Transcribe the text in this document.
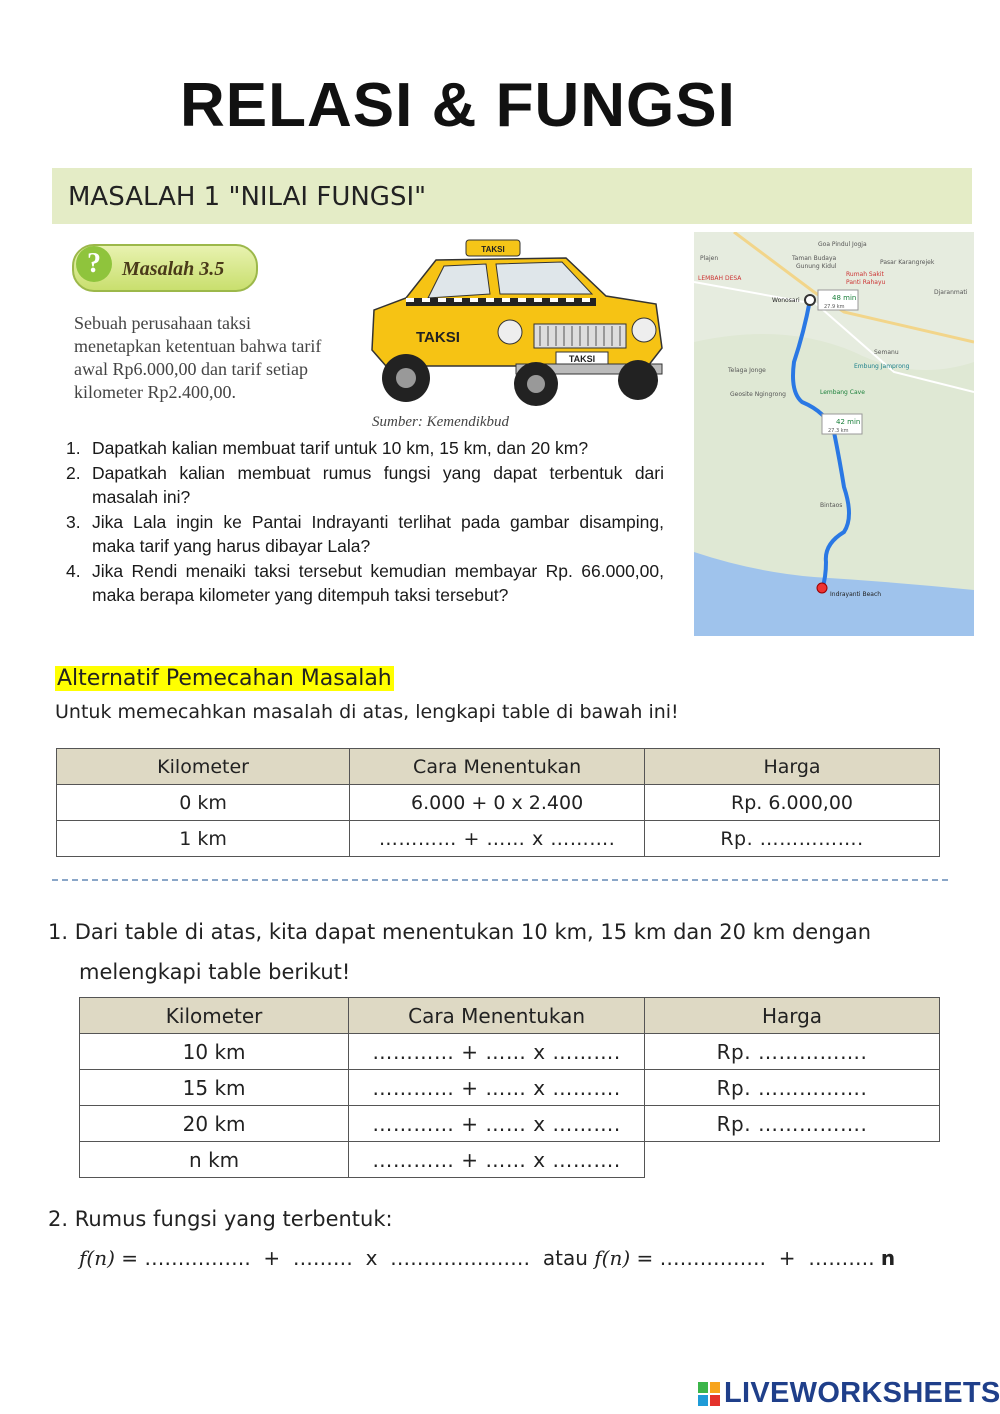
RELASI & FUNGSI
MASALAH 1 "NILAI FUNGSI"
?	Masalah 3.5
Sebuah perusahaan taksi
menetapkan ketentuan bahwa tarif
awal Rp6.000,00 dan tarif setiap
kilometer Rp2.400,00.
TAKSI
TAKSI
TAKSI
Sumber: Kemendikbud
1. Dapatkah kalian membuat tarif untuk 10 km, 15 km, dan 20 km?
2. Dapatkah kalian membuat rumus fungsi yang dapat terbentuk dari masalah ini?
3. Jika Lala ingin ke Pantai Indrayanti terlihat pada gambar disamping, maka tarif yang harus dibayar Lala?
4. Jika Rendi menaiki taksi tersebut kemudian membayar Rp. 66.000,00, maka berapa kilometer yang ditempuh taksi tersebut?
48 min
27.9 km
42 min
27.3 km
Goa Pindul Jogja
Taman Budaya
Gunung Kidul
Rumah Sakit
Panti Rahayu
Pasar Karangrejek
Plajen
LEMBAH DESA
Wonosari
Djaranmati
Semanu
Embung Jamprong
Telaga Jonge
Geosite Ngingrong	Lembang Cave
Bintaos
Indrayanti Beach
Alternatif Pemecahan Masalah
Untuk memecahkan masalah di atas, lengkapi table di bawah ini!
Kilometer	Cara Menentukan	Harga
0 km	6.000 + 0 x 2.400	Rp. 6.000,00
1 km	………… + …… x ……….	Rp. …………….
1. Dari table di atas, kita dapat menentukan 10 km, 15 km dan 20 km dengan
melengkapi table berikut!
Kilometer	Cara Menentukan	Harga
10 km	………… + …… x ……….	Rp. …………….
15 km	………… + …… x ……….	Rp. …………….
20 km	………… + …… x ……….	Rp. …………….
n km	………… + …… x ……….	
2. Rumus fungsi yang terbentuk:
f(n) = …………….  +  ………  x  …………………  atau f(n) = …………….  +  ………. n
LIVEWORKSHEETS
